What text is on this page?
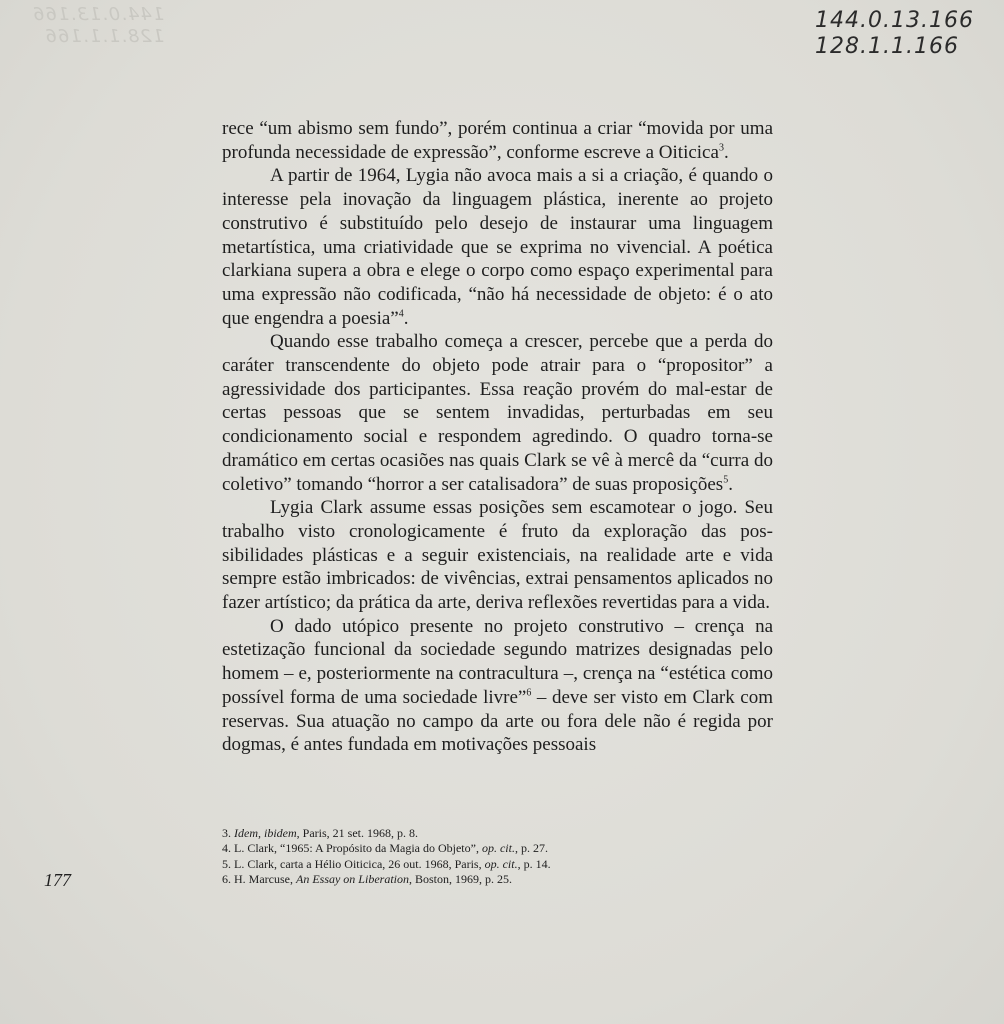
144.0.13.166
128.1.1.166
144.0.13.166
128.1.1.166

rece “um abismo sem fundo”, porém continua a criar “movida por uma profunda necessidade de expressão”, conforme escreve a Oiticica$^3$.

A partir de 1964, Lygia não avoca mais a si a criação, é quando o interesse pela inovação da linguagem plástica, inerente ao projeto construtivo é substituído pelo desejo de instaurar uma linguagem metartística, uma criatividade que se exprima no vivencial. A poética clarkiana supera a obra e elege o corpo como espaço experimental para uma expressão não codificada, “não há necessidade de objeto: é o ato que engendra a poesia”$^4$.

Quando esse trabalho começa a crescer, percebe que a perda do caráter transcendente do objeto pode atrair para o “propositor” a agressividade dos participantes. Essa reação provém do mal-estar de certas pessoas que se sentem invadidas, perturbadas em seu condicionamento social e respondem agredindo. O quadro torna-se dramático em certas ocasiões nas quais Clark se vê à mercê da “curra do coletivo” tomando “horror a ser catalisadora” de suas proposições$^5$.

Lygia Clark assume essas posições sem escamotear o jogo. Seu trabalho visto cronologicamente é fruto da exploração das possibilidades plásticas e a seguir existenciais, na realidade arte e vida sempre estão imbricados: de vivências, extrai pensamentos aplicados no fazer artístico; da prática da arte, deriva reflexões revertidas para a vida.

O dado utópico presente no projeto construtivo – crença na estetização funcional da sociedade segundo matrizes designadas pelo homem – e, posteriormente na contracultura –, crença na “estética como possível forma de uma sociedade livre”$^6$ – deve ser visto em Clark com reservas. Sua atuação no campo da arte ou fora dele não é regida por dogmas, é antes fundada em motivações pessoais

3. Idem, ibidem, Paris, 21 set. 1968, p. 8.
4. L. Clark, “1965: A Propósito da Magia do Objeto”, op. cit., p. 27.
5. L. Clark, carta a Hélio Oiticica, 26 out. 1968, Paris, op. cit., p. 14.
6. H. Marcuse, An Essay on Liberation, Boston, 1969, p. 25.
177
